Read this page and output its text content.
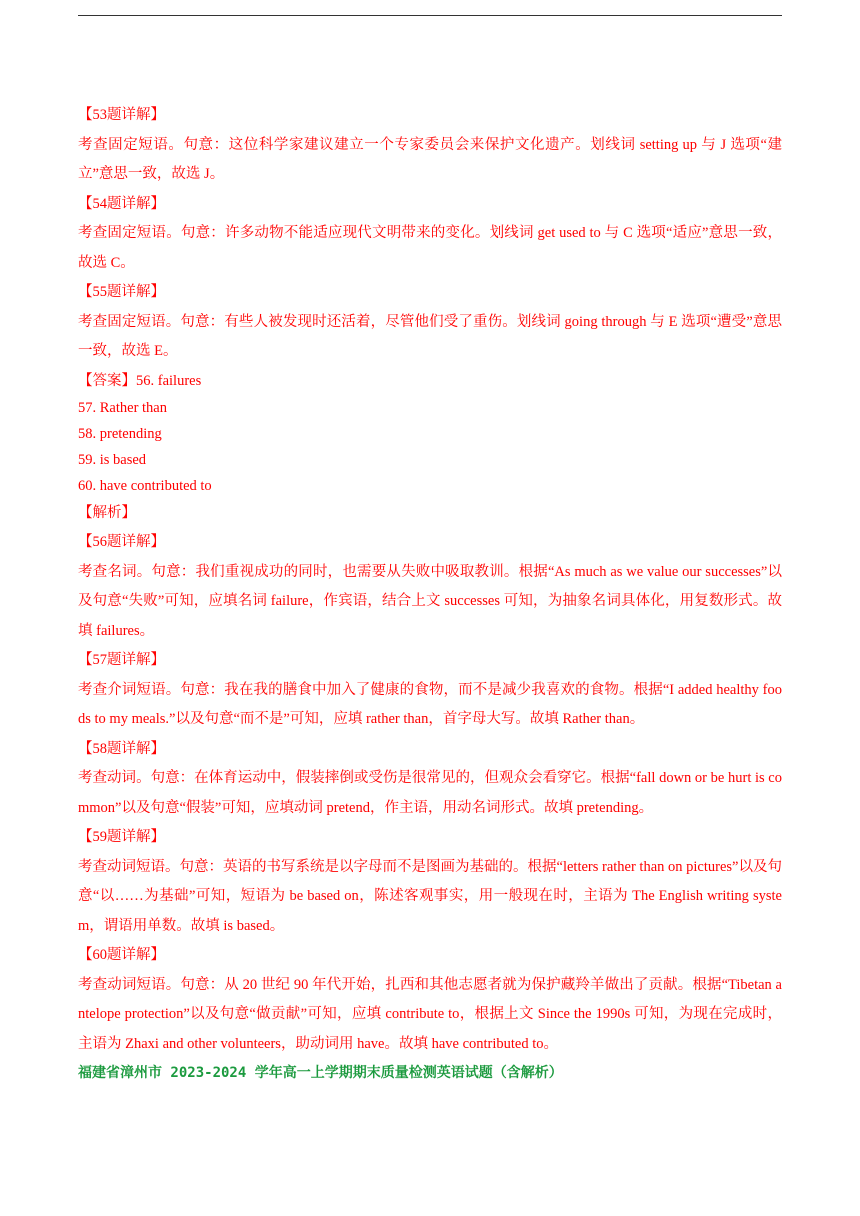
【53题详解】
考查固定短语。句意：这位科学家建议建立一个专家委员会来保护文化遗产。划线词 setting up 与 J 选项“建立”意思一致，故选 J。
【54题详解】
考查固定短语。句意：许多动物不能适应现代文明带来的变化。划线词 get used to 与 C 选项“适应”意思一致，故选 C。
【55题详解】
考查固定短语。句意：有些人被发现时还活着，尽管他们受了重伤。划线词 going through 与 E 选项“遭受”意思一致，故选 E。
【答案】56. failures
57. Rather than
58. pretending
59. is based
60. have contributed to
【解析】
【56题详解】
考查名词。句意：我们重视成功的同时，也需要从失败中吸取教训。根据“As much as we value our successes”以及句意“失败”可知，应填名词 failure，作宾语，结合上文 successes 可知，为抽象名词具体化，用复数形式。故填 failures。
【57题详解】
考查介词短语。句意：我在我的膳食中加入了健康的食物，而不是减少我喜欢的食物。根据“I added healthy foods to my meals.”以及句意“而不是”可知，应填 rather than，首字母大写。故填 Rather than。
【58题详解】
考查动词。句意：在体育运动中，假装摔倒或受伤是很常见的，但观众会看穿它。根据“fall down or be hurt is common”以及句意“假装”可知，应填动词 pretend，作主语，用动名词形式。故填 pretending。
【59题详解】
考查动词短语。句意：英语的书写系统是以字母而不是图画为基础的。根据“letters rather than on pictures”以及句意“以……为基础”可知，短语为 be based on，陈述客观事实，用一般现在时，主语为 The English writing system，谓语用单数。故填 is based。
【60题详解】
考查动词短语。句意：从 20 世纪 90 年代开始，扎西和其他志愿者就为保护藏羚羊做出了贡献。根据“Tibetan antelope protection”以及句意“做贡献”可知，应填 contribute to，根据上文 Since the 1990s 可知，为现在完成时，主语为 Zhaxi and other volunteers，助动词用 have。故填 have contributed to。
福建省漳州市 2023-2024 学年高一上学期期末质量检测英语试题（含解析）
